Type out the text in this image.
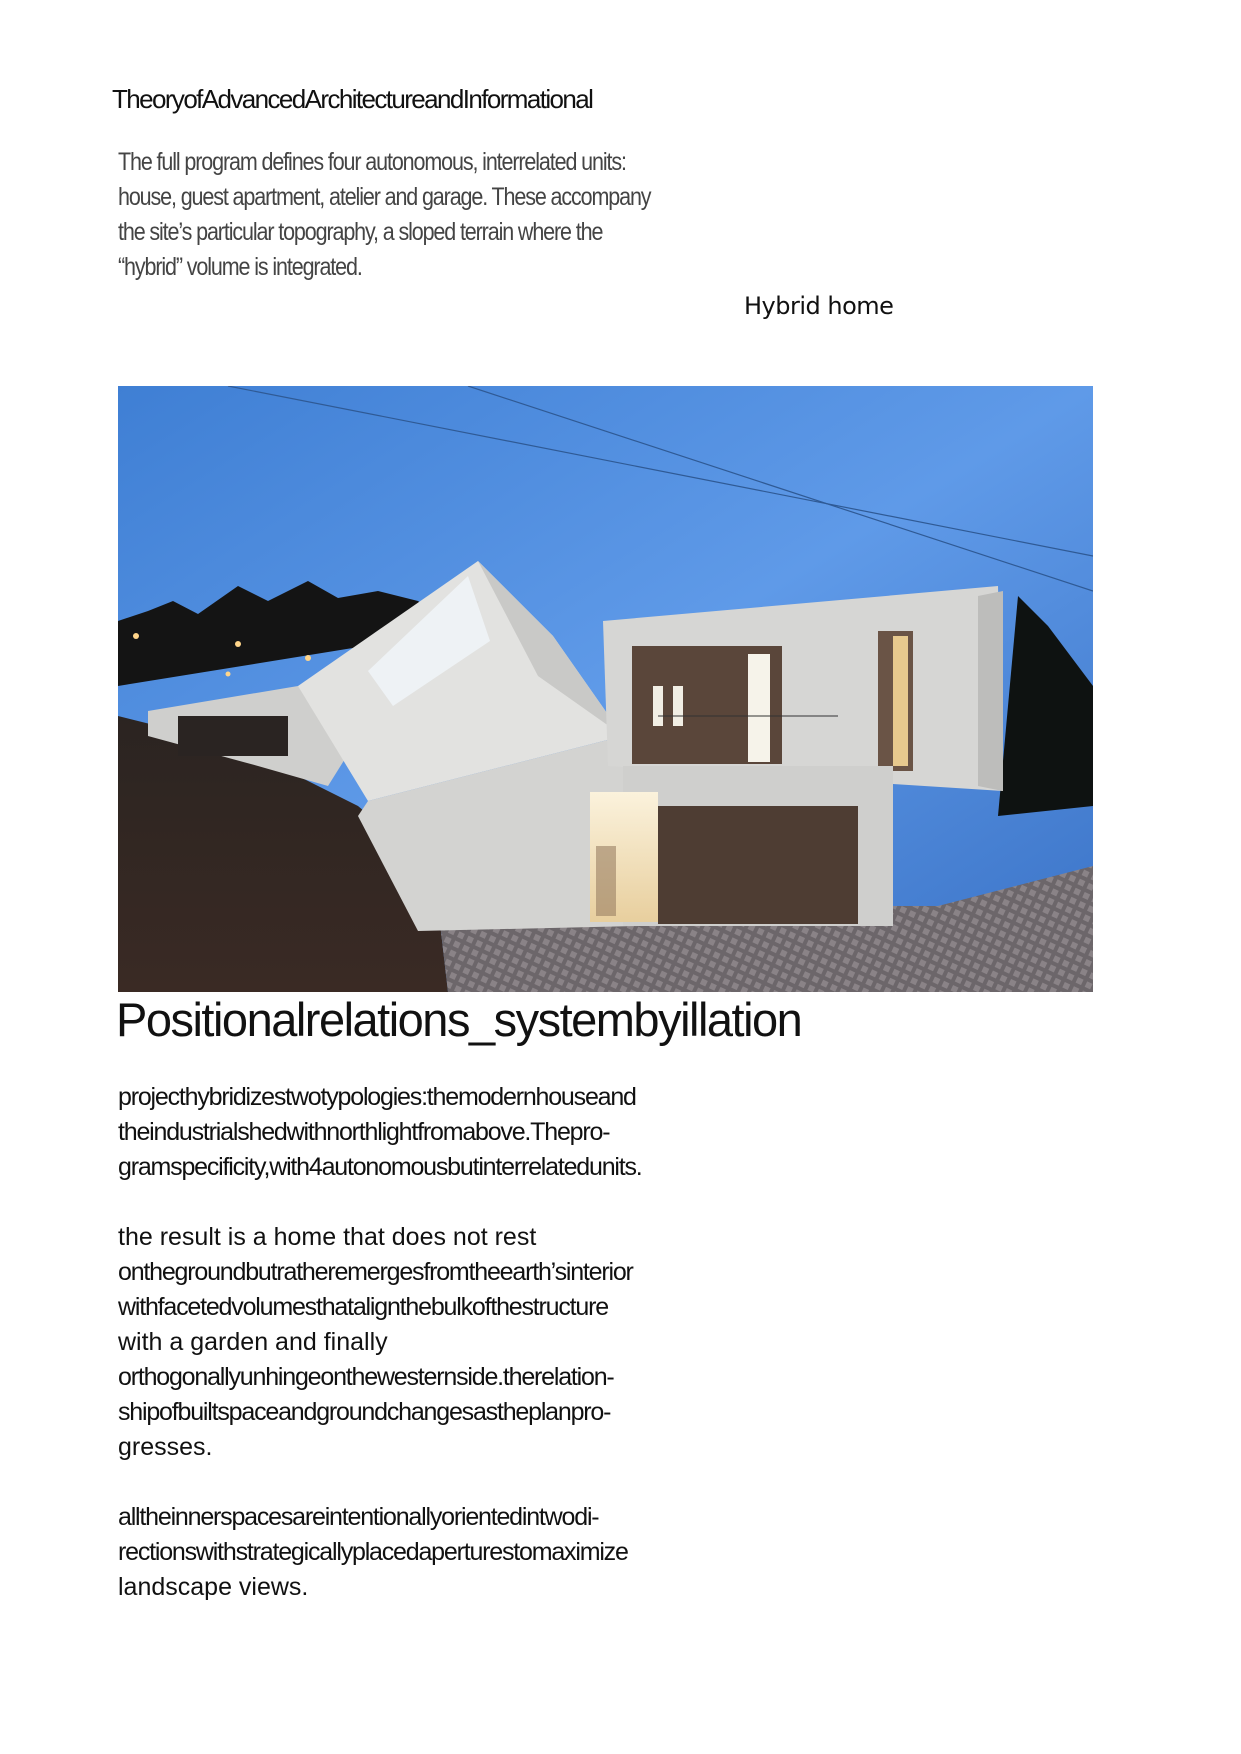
TheoryofAdvancedArchitectureandInformational

The full program defines four autonomous, interrelated units:

house, guest apartment, atelier and garage. These accompany

the site’s particular topography, a sloped terrain where the

“hybrid” volume is integrated.

Hybrid home
Positionalrelations_systembyillation
projecthybridizestwotypologies:themodernhouseand
theindustrialshedwithnorthlightfromabove.Thepro-
gramspecificity,with4autonomousbutinterrelatedunits.
the result is a home that does not rest
onthegroundbutratheremergesfromtheearth’sinterior
withfacetedvolumesthatalignthebulkofthestructure
with a garden and finally
orthogonallyunhingeonthewesternside.therelation-
shipofbuiltspaceandgroundchangesastheplanpro-
gresses.
alltheinnerspacesareintentionallyorientedintwodi-
rectionswithstrategicallyplacedaperturestomaximize
landscape views.
